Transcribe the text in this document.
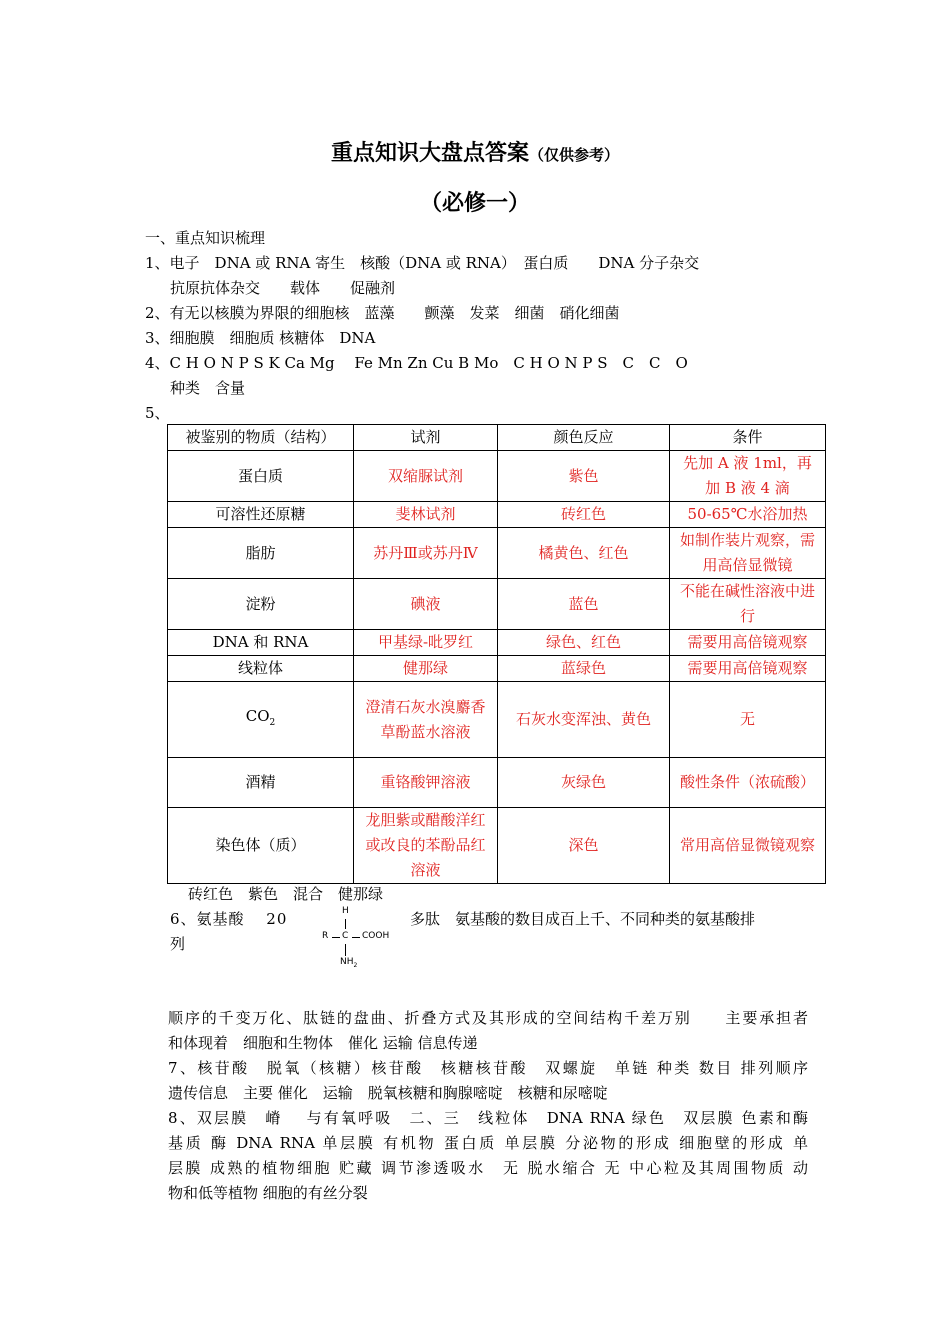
重点知识大盘点答案（仅供参考）
（必修一）
一、重点知识梳理
1、电子　DNA 或 RNA 寄生　核酸（DNA 或 RNA）　蛋白质　　DNA 分子杂交
抗原抗体杂交　　载体　　促融剂
2、有无以核膜为界限的细胞核　蓝藻　　颤藻　发菜　细菌　硝化细菌
3、细胞膜　细胞质 核糖体　DNA
4、C H O N P S K Ca Mg　 Fe Mn Zn Cu B Mo　C H O N P S　C　C　O
种类　含量
5、
被鉴别的物质（结构）	试剂	颜色反应	条件
蛋白质	双缩脲试剂	紫色	先加 A 液 1ml，再加 B 液 4 滴
可溶性还原糖	斐林试剂	砖红色	50-65℃水浴加热
脂肪	苏丹Ⅲ或苏丹Ⅳ	橘黄色、红色	如制作装片观察，需用高倍显微镜
淀粉	碘液	蓝色	不能在碱性溶液中进行
DNA 和 RNA	甲基绿-吡罗红	绿色、红色	需要用高倍镜观察
线粒体	健那绿	蓝绿色	需要用高倍镜观察
$CO_2$	澄清石灰水溴麝香草酚蓝水溶液	石灰水变浑浊、黄色	无
酒精	重铬酸钾溶液	灰绿色	酸性条件（浓硫酸）
染色体（质）	龙胆紫或醋酸洋红或改良的苯酚品红溶液	深色	常用高倍显微镜观察
砖红色　紫色　混合　健那绿
6、氨基酸　 20	多肽　氨基酸的数目成百上千、不同种类的氨基酸排
列
H
R C COOH
$NH_2$
顺序的千变万化、肽链的盘曲、折叠方式及其形成的空间结构千差万别　　主要承担者
和体现着　细胞和生物体　催化 运输 信息传递
7、核苷酸　脱氧（核糖）核苷酸　核糖核苷酸　双螺旋　单链 种类 数目 排列顺序
遗传信息　主要 催化　运输　脱氧核糖和胸腺嘧啶　核糖和尿嘧啶
8、双层膜　嵴　 与有氧呼吸　二、三　线粒体　DNA RNA 绿色　双层膜 色素和酶
基质 酶 DNA RNA 单层膜 有机物 蛋白质 单层膜 分泌物的形成 细胞壁的形成 单
层膜 成熟的植物细胞 贮藏 调节渗透吸水　无 脱水缩合 无 中心粒及其周围物质 动
物和低等植物 细胞的有丝分裂
